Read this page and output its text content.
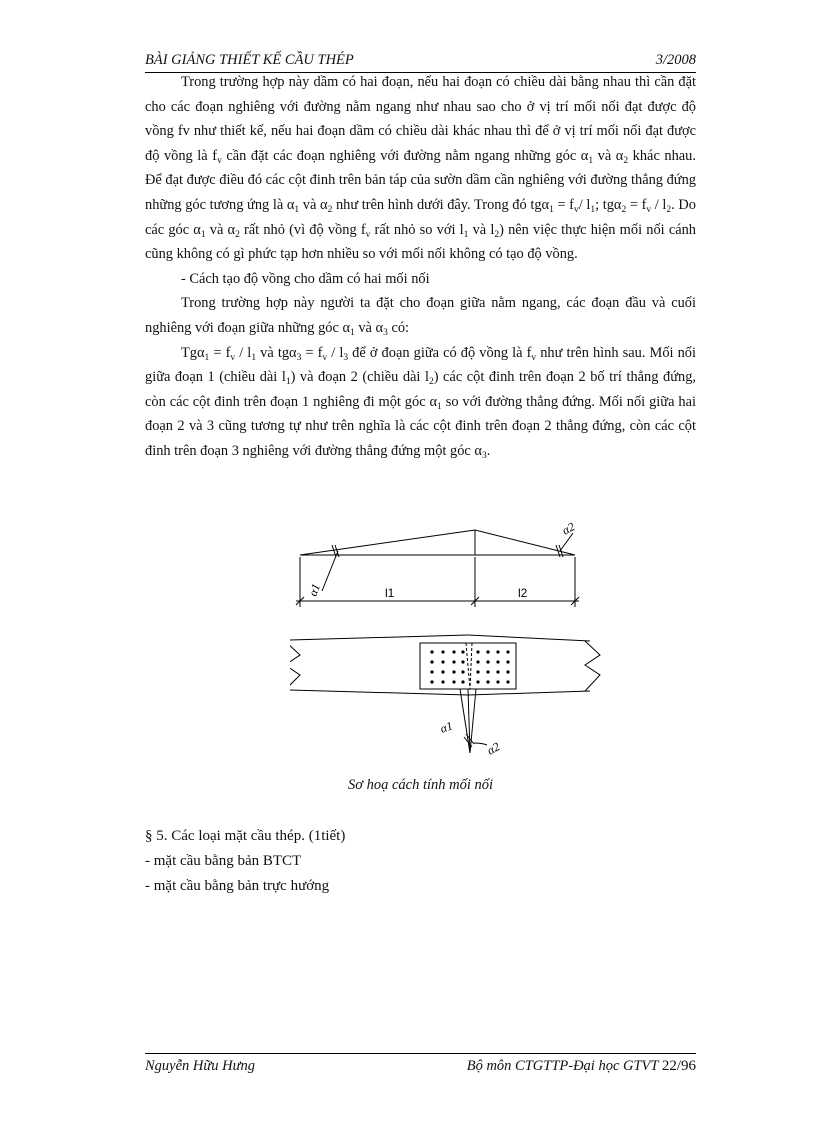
BÀI GIẢNG THIẾT KẾ CẦU THÉP	3/2008

Trong trường hợp này dầm có hai đoạn, nếu hai đoạn có chiều dài bằng nhau thì cần đặt cho các đoạn nghiêng với đường nằm ngang như nhau sao cho ở vị trí mối nối đạt được độ vồng fv như thiết kế, nếu hai đoạn dầm có chiều dài khác nhau thì để ở vị trí mối nối đạt được độ vồng là $f_v$ cần đặt các đoạn nghiêng với đường nằm ngang những góc $\alpha_1$ và $\alpha_2$ khác nhau. Để đạt được điều đó các cột đinh trên bản táp của sườn dầm cần nghiêng với đường thẳng đứng những góc tương ứng là $\alpha_1$ và $\alpha_2$ như trên hình dưới đây. Trong đó $tg\alpha_1 = f_v/$ $l_1$; $tg\alpha_2 = f_v / l_2$. Do các góc $\alpha_1$ và $\alpha_2$ rất nhỏ (vì độ vồng $f_v$ rất nhỏ so với $l_1$ và $l_2$) nên việc thực hiện mối nối cánh cũng không có gì phức tạp hơn nhiều so với mối nối không có tạo độ vồng.

- Cách tạo độ vồng cho dầm có hai mối nối

Trong trường hợp này người ta đặt cho đoạn giữa nằm ngang, các đoạn đầu và cuối nghiêng với đoạn giữa những góc $\alpha_1$ và $\alpha_3$ có:

$Tg\alpha_1 = f_v / l_1$ và $tg\alpha_3 = f_v / l_3$ để ở đoạn giữa có độ vồng là $f_v$ như trên hình sau. Mối nối giữa đoạn 1 (chiều dài $l_1$) và đoạn 2 (chiều dài $l_2$) các cột đinh trên đoạn 2 bố trí thẳng đứng, còn các cột đinh trên đoạn 1 nghiêng đi một góc $\alpha_1$ so với đường thẳng đứng. Mối nối giữa hai đoạn 2 và 3 cũng tương tự như trên nghĩa là các cột đinh trên đoạn 2 thẳng đứng, còn các cột đinh trên đoạn 3 nghiêng với đường thẳng đứng một góc $\alpha_3$.

l1	l2
α1
α2
α1
α2
Sơ hoạ cách tính mối nối

§ 5. Các loại mặt cầu thép. (1tiết)

- mặt cầu bằng bản BTCT

- mặt cầu bằng bản trực hướng

Nguyễn Hữu Hưng	Bộ môn CTGTTP-Đại học GTVT 22/96
